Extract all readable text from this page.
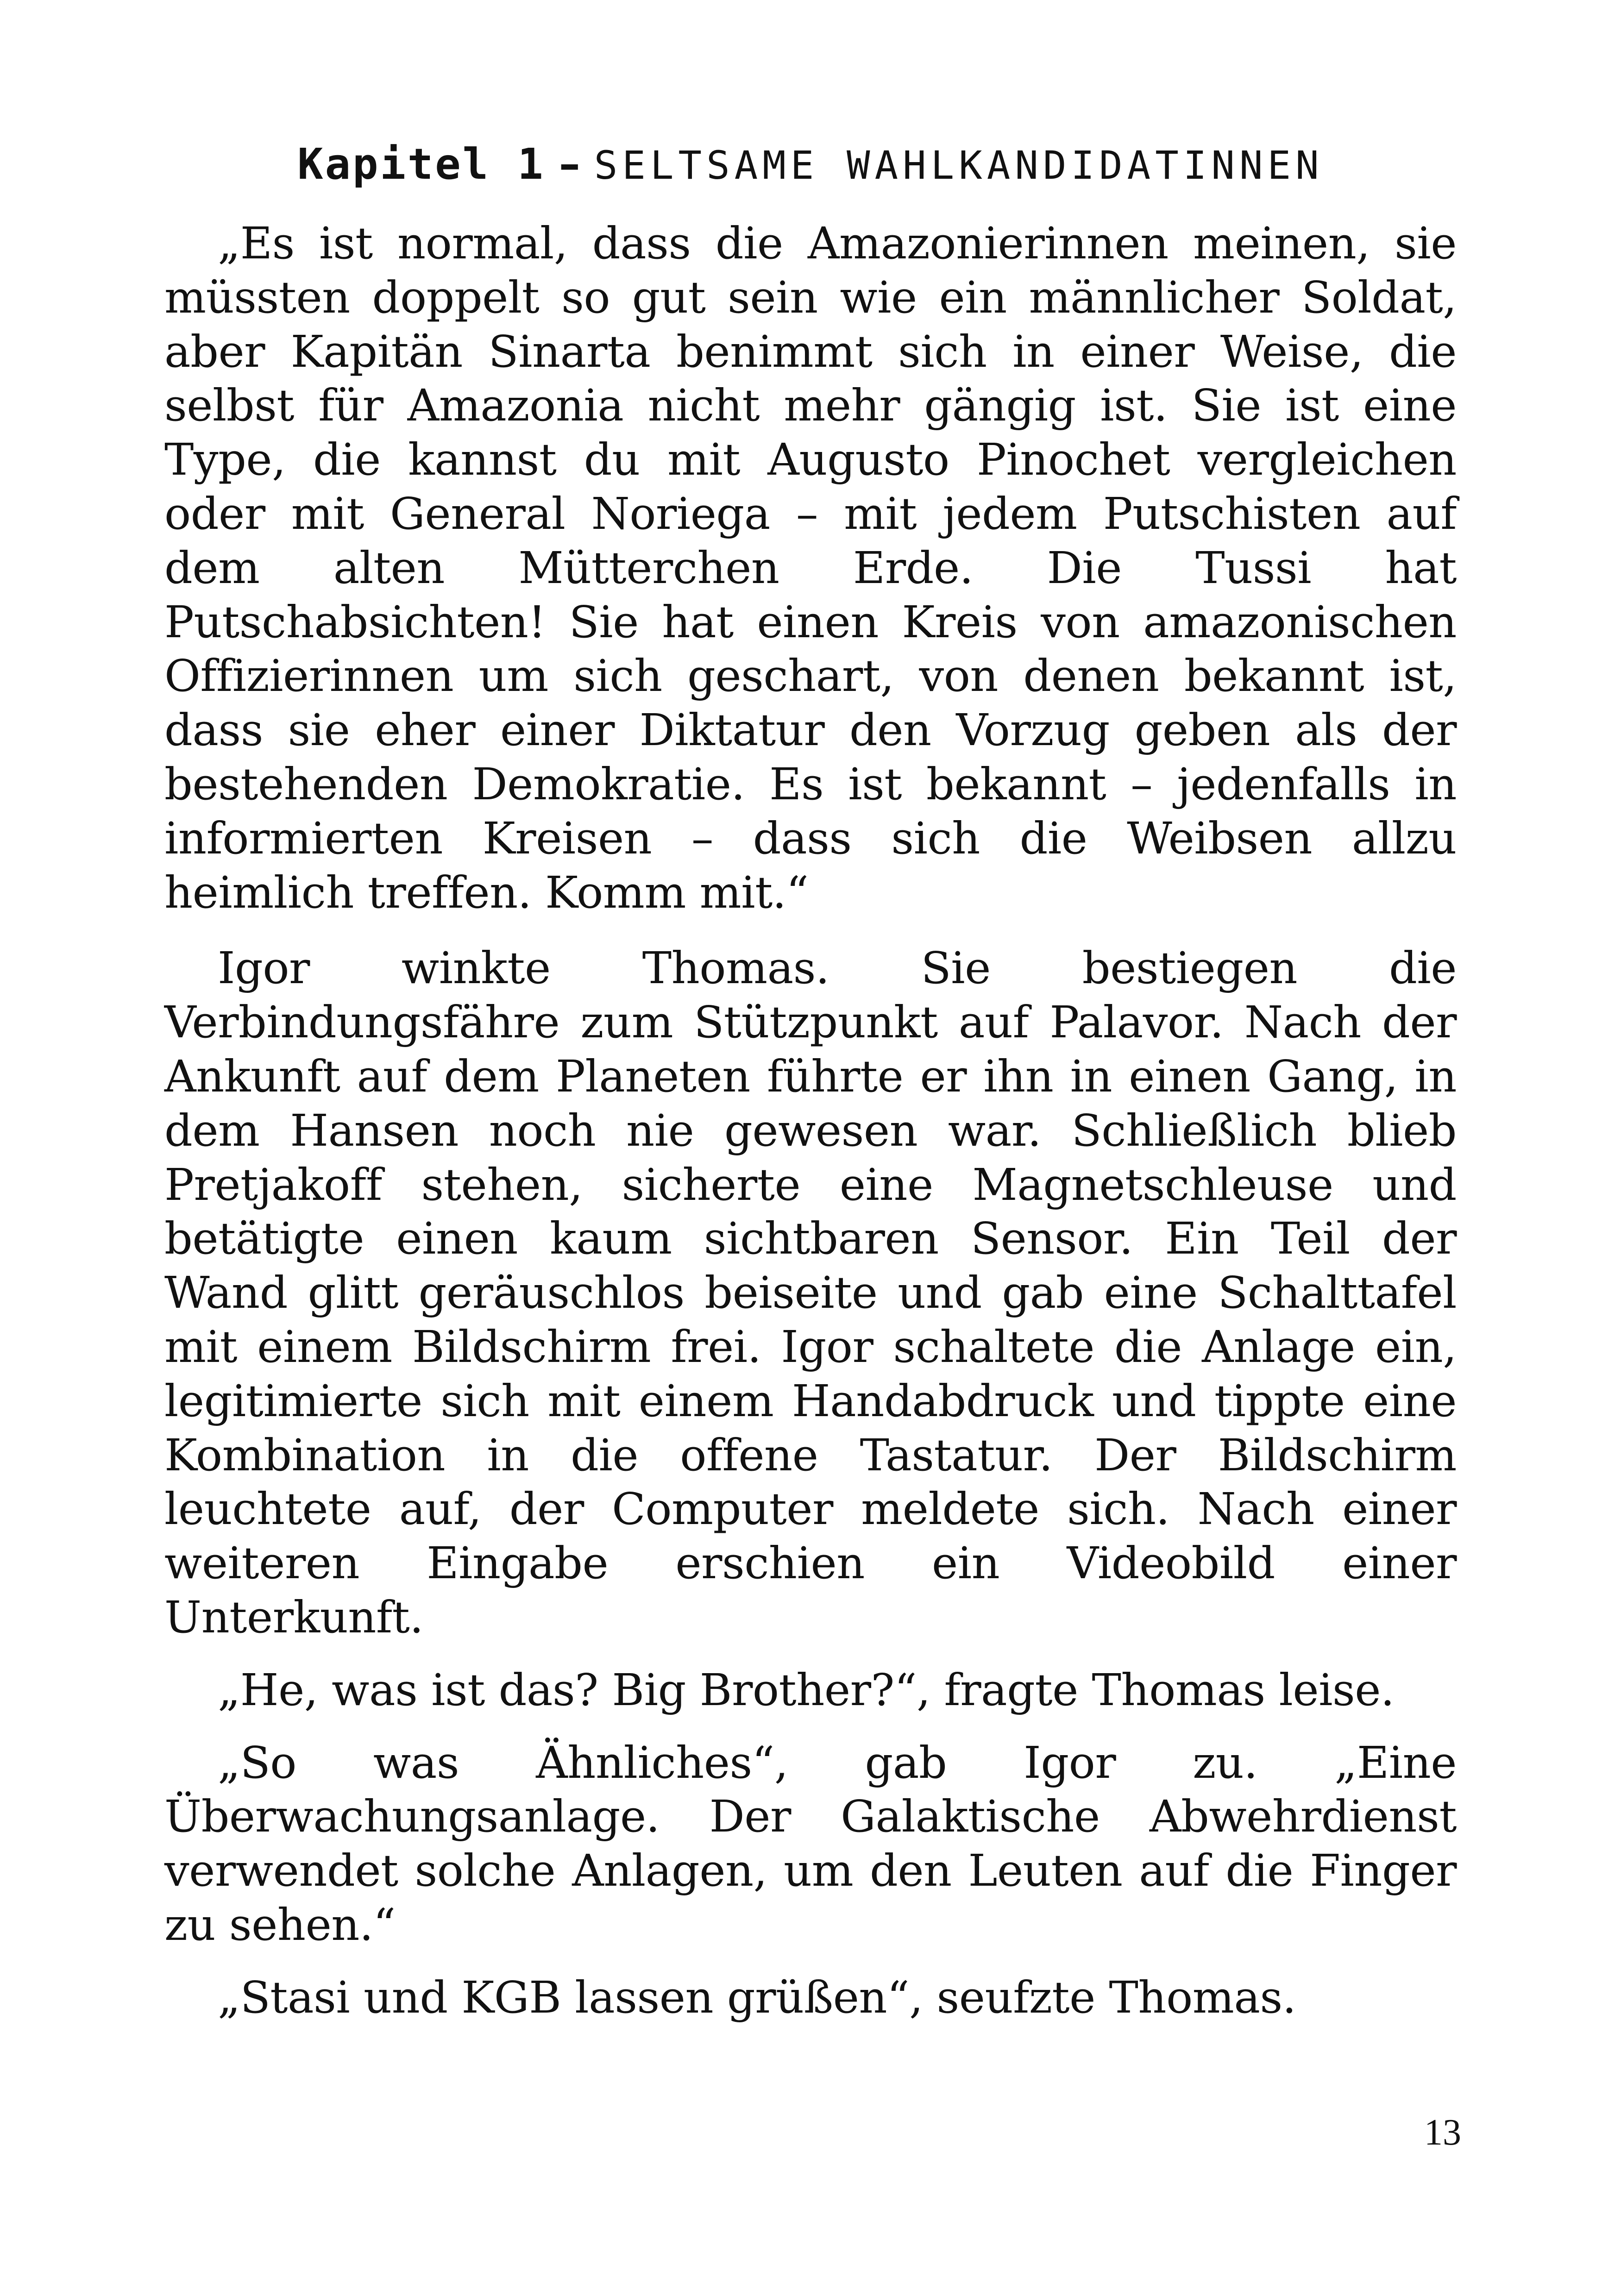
Kapitel 1 – SELTSAME WAHLKANDIDATINNEN

„Es ist normal, dass die Amazonierinnen meinen, sie müssten doppelt so gut sein wie ein männlicher Soldat, aber Kapitän Sinarta benimmt sich in einer Weise, die selbst für Amazonia nicht mehr gängig ist. Sie ist eine Type, die kannst du mit Augusto Pinochet vergleichen oder mit General Noriega – mit jedem Putschisten auf dem alten Mütterchen Erde. Die Tussi hat Putschabsichten! Sie hat einen Kreis von amazonischen Offizierinnen um sich geschart, von denen bekannt ist, dass sie eher einer Diktatur den Vorzug geben als der bestehenden Demokratie. Es ist bekannt – jedenfalls in informierten Kreisen – dass sich die Weibsen allzu heimlich treffen. Komm mit.“

Igor winkte Thomas. Sie bestiegen die Verbindungsfähre zum Stützpunkt auf Palavor. Nach der Ankunft auf dem Planeten führte er ihn in einen Gang, in dem Hansen noch nie gewesen war. Schließlich blieb Pretjakoff stehen, sicherte eine Magnetschleuse und betätigte einen kaum sichtbaren Sensor. Ein Teil der Wand glitt geräuschlos beiseite und gab eine Schalttafel mit einem Bildschirm frei. Igor schaltete die Anlage ein, legitimierte sich mit einem Handabdruck und tippte eine Kombination in die offene Tastatur. Der Bildschirm leuchtete auf, der Computer meldete sich. Nach einer weiteren Eingabe erschien ein Videobild einer Unterkunft.

„He, was ist das? Big Brother?“, fragte Thomas leise.

„So was Ähnliches“, gab Igor zu. „Eine Überwachungsanlage. Der Galaktische Abwehrdienst verwendet solche Anlagen, um den Leuten auf die Finger zu sehen.“

„Stasi und KGB lassen grüßen“, seufzte Thomas.

13
